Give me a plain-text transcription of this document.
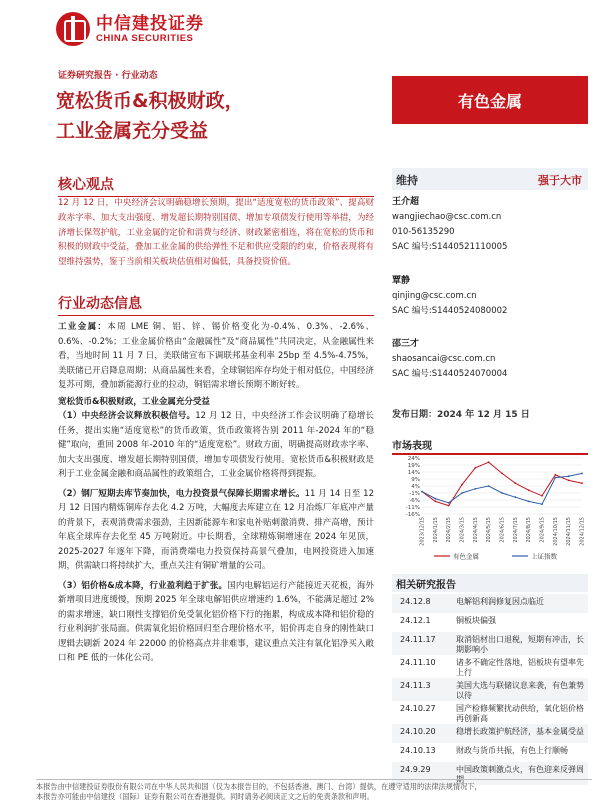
中信建投证券
CHINA SECURITIES
证券研究报告 · 行业动态
宽松货币&积极财政，
工业金属充分受益
有色金属
核心观点
12 月 12 日，中央经济会议明确稳增长预期，提出“适度宽松的货币政策”、提高财政赤字率、加大支出强度、增发超长期特别国债、增加专项债发行使用等举措，为经济增长保驾护航，工业金属的定价和消费与经济、财政紧密相连，将在宽松的货币和积极的财政中受益，叠加工业金属的供给弹性不足和供应受限的约束，价格表现将有望维持强势，鉴于当前相关板块估值相对偏低，具备投资价值。
行业动态信息

工业金属：本周 LME 铜、铝、锌、锡价格变化为-0.4%、0.3%、-2.6%、0.6%、-0.2%；工业金属价格由“金融属性”及“商品属性”共同决定，从金融属性来看，当地时间 11 月 7 日，美联储宣布下调联邦基金利率 25bp 至 4.5%-4.75%，美联储已开启降息周期；从商品属性来看，全球铜铝库存均处于相对低位，中国经济复苏可期，叠加新能源行业的拉动，铜铝需求增长预期不断好转。

宽松货币&积极财政，工业金属充分受益

（1）中央经济会议释放积极信号。12 月 12 日，中央经济工作会议明确了稳增长任务，提出实施“适度宽松”的货币政策，货币政策将告别 2011 年-2024 年的“稳健”取向，重回 2008 年-2010 年的“适度宽松”。财政方面，明确提高财政赤字率、加大支出强度、增发超长期特别国债，增加专项债发行使用。宽松货币&积极财政是利于工业金属金融和商品属性的政策组合，工业金属价格将得到提振。

（2）钢厂短期去库节奏加快，电力投资景气保障长期需求增长。11 月 14 日至 12 月 12 日国内精炼铜库存去化 4.2 万吨，大幅度去库建立在 12 月冶炼厂年底冲产量的背景下，表观消费需求强劲，主因新能源车和家电补贴刺激消费、排产高增，预计年底全球库存去化至 45 万吨附近。中长期看，全球精炼铜增速在 2024 年见顶，2025-2027 年逐年下降，而消费端电力投资保持高景气叠加，电网投资进入加速期，供需缺口将持续扩大，重点关注有铜矿增量的公司。

（3）铝价格&成本降，行业盈利趋于扩张。国内电解铝运行产能接近天花板，海外新增项目进度缓慢，预期 2025 年全球电解铝供应增速约 1.6%，不能满足超过 2%的需求增速，缺口刚性支撑铝价免受氧化铝价格下行的拖累，构成成本降和铝价稳的行业利润扩张局面。供需氧化铝价格回归至合理价格水平，铝价再走自身的刚性缺口逻辑去刷新 2024 年 22000 的价格高点并非难事，建议重点关注有氧化铝净买入敞口和 PE 低的一体化公司。

维持	强于大市
王介超
wangjiechao@csc.com.cn
010-56135290
SAC 编号:S1440521110005
覃静
qinjing@csc.com.cn
SAC 编号:S1440524080002
邵三才
shaosancai@csc.com.cn
SAC 编号:S1440524070004
发布日期：2024 年 12 月 15 日
市场表现
24%
19%
14%
9%
4%
-1%
-6%
-11%
-16%
2023/12/15 2024/1/15 2024/2/15 2024/3/15 2024/4/15 2024/5/15 2024/6/15 2024/7/15 2024/8/15 2024/9/15 2024/10/15 2024/11/15 2024/12/15
有色金属	上证指数
相关研究报告
24.12.8	电解铝利润修复因点临近
24.12.1	铜板块偏强
24.11.17	取消铝材出口退税，短期有冲击，长期影响小
24.11.10	诸多不确定性落地，铝板块有望率先上行
24.11.3	美国大选与联储议息来袭，有色兼势以待
24.10.27	国产检修频繁扰动供给，氧化铝价格再创新高
24.10.20	稳增长政策护航经济，基本金属受益
24.10.13	财政与货币共振，有色上行顺畅
24.9.29	中国政策刺激点火，有色迎来反弹周期
本报告由中信建投证券股份有限公司在中华人民共和国（仅为本报告目的，不包括香港、澳门、台湾）提供，在遵守适用的法律法规情况下，
本报告亦可能由中信建投（国际）证券有限公司在香港提供。同时请务必阅读正文之后的免责条款和声明。
